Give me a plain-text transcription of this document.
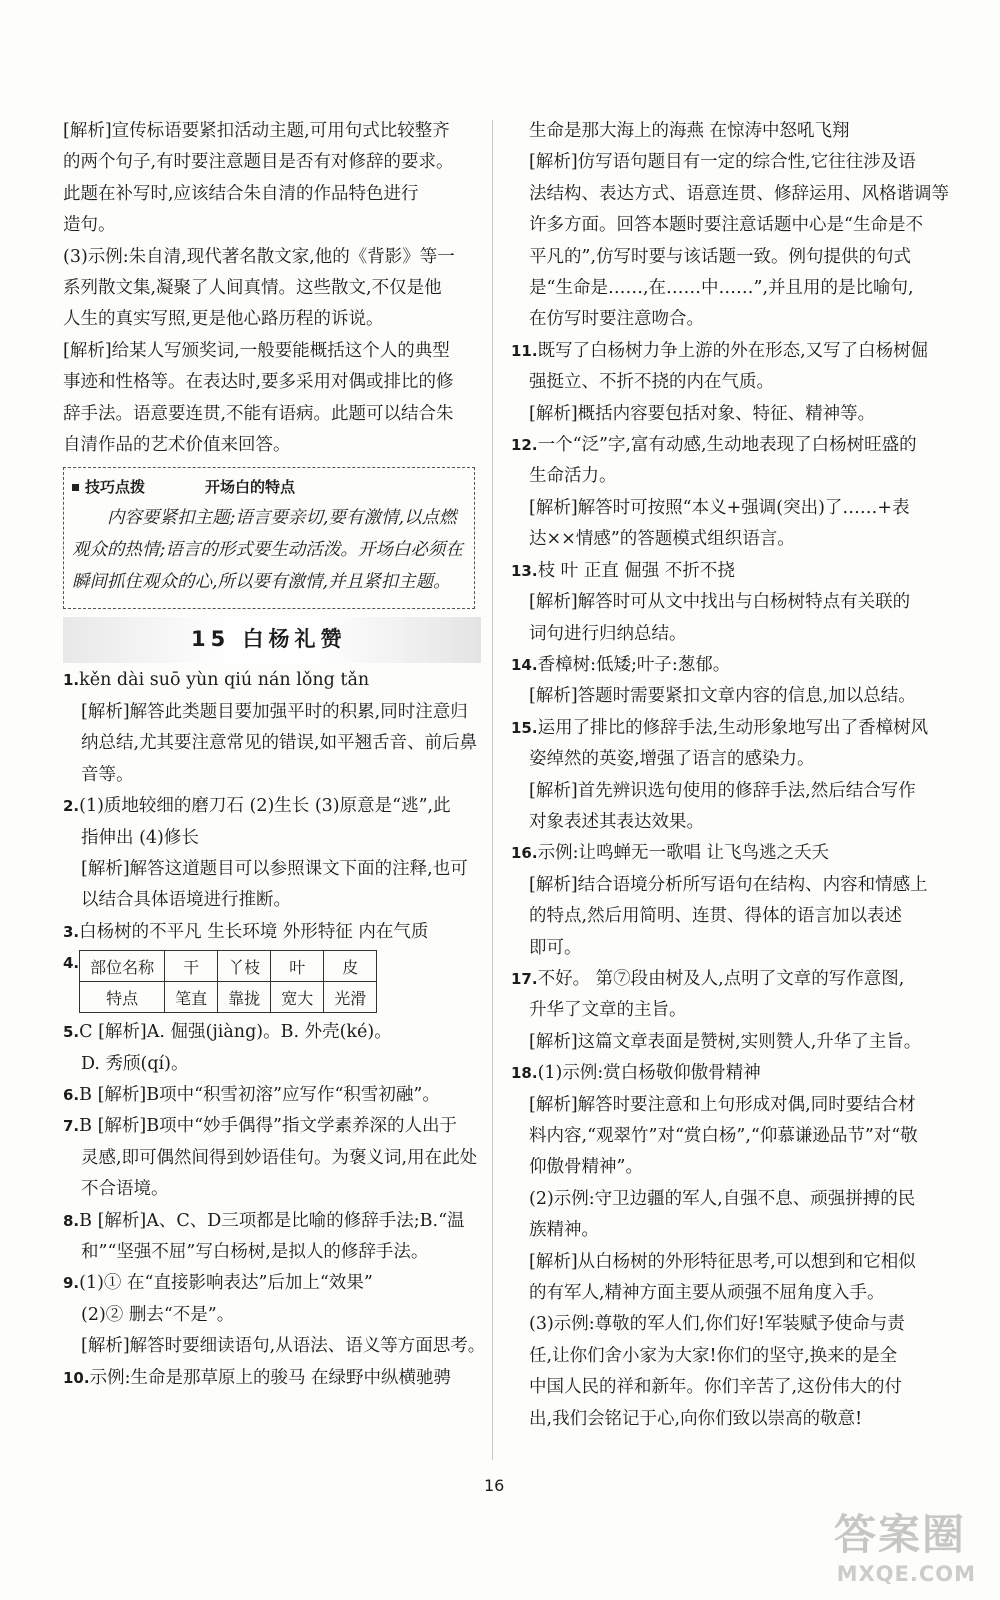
[解析]宣传标语要紧扣活动主题,可用句式比较整齐
的两个句子,有时要注意题目是否有对修辞的要求。
此题在补写时,应该结合朱自清的作品特色进行
造句。
(3)示例:朱自清,现代著名散文家,他的《背影》等一
系列散文集,凝聚了人间真情。这些散文,不仅是他
人生的真实写照,更是他心路历程的诉说。
[解析]给某人写颁奖词,一般要能概括这个人的典型
事迹和性格等。在表达时,要多采用对偶或排比的修
辞手法。语意要连贯,不能有语病。此题可以结合朱
自清作品的艺术价值来回答。
技巧点拨	开场白的特点
内容要紧扣主题;语言要亲切,要有激情,以点燃观众的热情;语言的形式要生动活泼。开场白必须在瞬间抓住观众的心,所以要有激情,并且紧扣主题。
15 白杨礼赞
1.kěn dài suō yùn qiú nán lǒng tǎn
[解析]解答此类题目要加强平时的积累,同时注意归
纳总结,尤其要注意常见的错误,如平翘舌音、前后鼻
音等。
2.(1)质地较细的磨刀石 (2)生长 (3)原意是“逃”,此
指伸出 (4)修长
[解析]解答这道题目可以参照课文下面的注释,也可
以结合具体语境进行推断。
3.白杨树的不平凡 生长环境 外形特征 内在气质
4. 部位名称	干	丫枝	叶	皮
特点	笔直	靠拢	宽大	光滑
5.C [解析]A. 倔强(jiàng)。B. 外壳(ké)。
D. 秀颀(qí)。
6.B [解析]B项中“积雪初溶”应写作“积雪初融”。
7.B [解析]B项中“妙手偶得”指文学素养深的人出于
灵感,即可偶然间得到妙语佳句。为褒义词,用在此处
不合语境。
8.B [解析]A、C、D三项都是比喻的修辞手法;B.“温
和”“坚强不屈”写白杨树,是拟人的修辞手法。
9.(1)① 在“直接影响表达”后加上“效果”
(2)② 删去“不是”。
[解析]解答时要细读语句,从语法、语义等方面思考。
10.示例:生命是那草原上的骏马 在绿野中纵横驰骋
生命是那大海上的海燕 在惊涛中怒吼飞翔
[解析]仿写语句题目有一定的综合性,它往往涉及语
法结构、表达方式、语意连贯、修辞运用、风格谐调等
许多方面。回答本题时要注意话题中心是“生命是不
平凡的”,仿写时要与该话题一致。例句提供的句式
是“生命是……,在……中……”,并且用的是比喻句,
在仿写时要注意吻合。
11.既写了白杨树力争上游的外在形态,又写了白杨树倔
强挺立、不折不挠的内在气质。
[解析]概括内容要包括对象、特征、精神等。
12.一个“泛”字,富有动感,生动地表现了白杨树旺盛的
生命活力。
[解析]解答时可按照“本义+强调(突出)了……+表
达××情感”的答题模式组织语言。
13.枝 叶 正直 倔强 不折不挠
[解析]解答时可从文中找出与白杨树特点有关联的
词句进行归纳总结。
14.香樟树:低矮;叶子:葱郁。
[解析]答题时需要紧扣文章内容的信息,加以总结。
15.运用了排比的修辞手法,生动形象地写出了香樟树风
姿绰然的英姿,增强了语言的感染力。
[解析]首先辨识选句使用的修辞手法,然后结合写作
对象表述其表达效果。
16.示例:让鸣蝉无一歌唱 让飞鸟逃之夭夭
[解析]结合语境分析所写语句在结构、内容和情感上
的特点,然后用简明、连贯、得体的语言加以表述
即可。
17.不好。 第⑦段由树及人,点明了文章的写作意图,
升华了文章的主旨。
[解析]这篇文章表面是赞树,实则赞人,升华了主旨。
18.(1)示例:赏白杨敬仰傲骨精神
[解析]解答时要注意和上句形成对偶,同时要结合材
料内容,“观翠竹”对“赏白杨”,“仰慕谦逊品节”对“敬
仰傲骨精神”。
(2)示例:守卫边疆的军人,自强不息、顽强拼搏的民
族精神。
[解析]从白杨树的外形特征思考,可以想到和它相似
的有军人,精神方面主要从顽强不屈角度入手。
(3)示例:尊敬的军人们,你们好!军装赋予使命与责
任,让你们舍小家为大家!你们的坚守,换来的是全
中国人民的祥和新年。你们辛苦了,这份伟大的付
出,我们会铭记于心,向你们致以崇高的敬意!
16
答案圈
MXQE.COM
